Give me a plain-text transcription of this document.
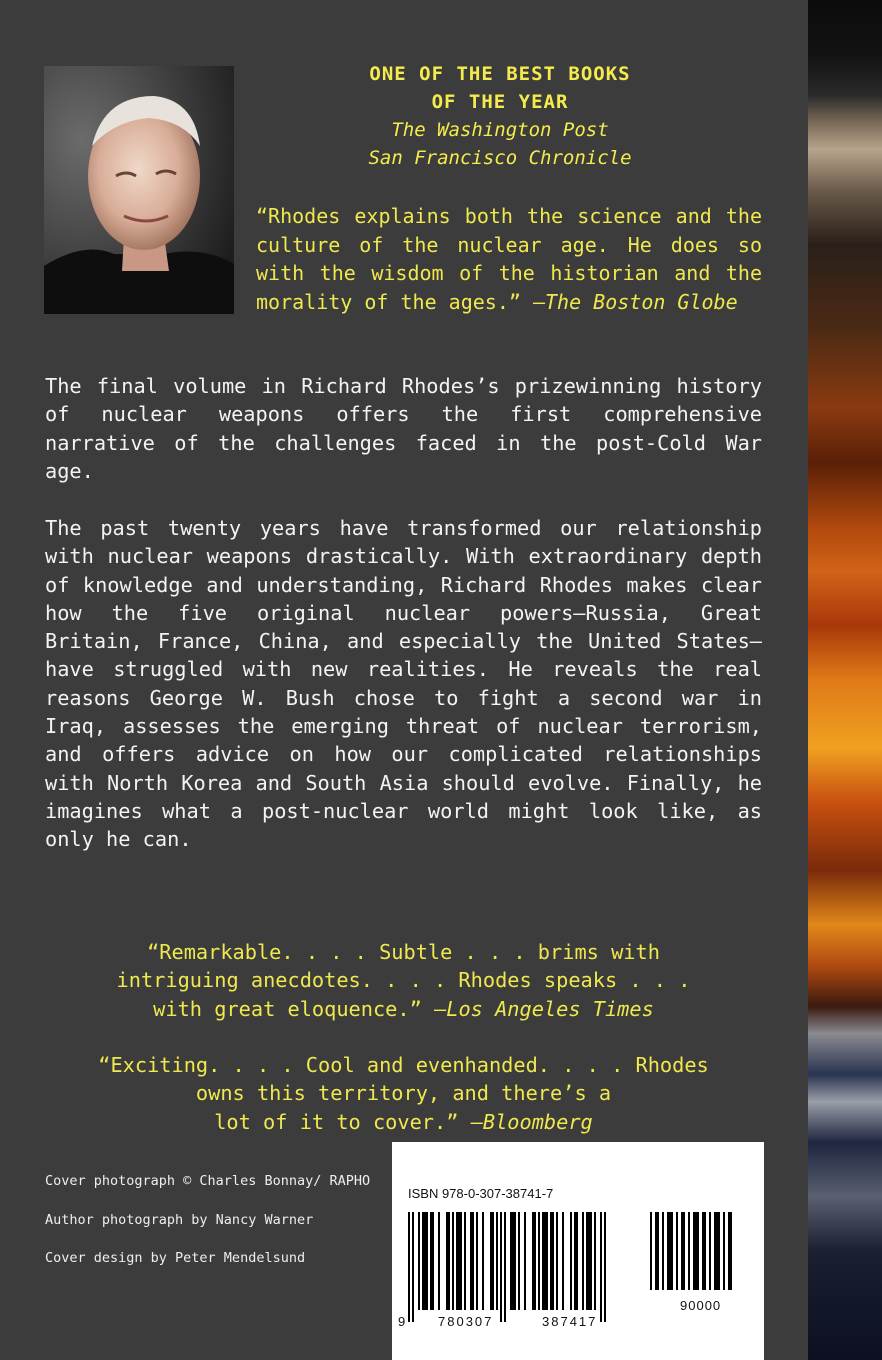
ONE OF THE BEST BOOKS
OF THE YEAR
The Washington Post
San Francisco Chronicle
“Rhodes explains both the science and the culture of the nuclear age. He does so with the wisdom of the historian and the morality of the ages.” —The Boston Globe
The final volume in Richard Rhodes’s prizewinning history of nuclear weapons offers the first comprehensive narrative of the challenges faced in the post-Cold War age.
The past twenty years have transformed our relationship with nuclear weapons drastically. With extraordinary depth of knowledge and understanding, Richard Rhodes makes clear how the five original nuclear powers—Russia, Great Britain, France, China, and especially the United States—have struggled with new realities. He reveals the real reasons George W. Bush chose to fight a second war in Iraq, assesses the emerging threat of nuclear terrorism, and offers advice on how our complicated relationships with North Korea and South Asia should evolve. Finally, he imagines what a post-nuclear world might look like, as only he can.
“Remarkable. . . . Subtle . . . brims with
intriguing anecdotes. . . . Rhodes speaks . . .
with great eloquence.” —Los Angeles Times
“Exciting. . . . Cool and evenhanded. . . . Rhodes
owns this territory, and there’s a
lot of it to cover.” —Bloomberg
Cover photograph © Charles Bonnay/ RAPHO
Author photograph by Nancy Warner
Cover design by Peter Mendelsund
ISBN 978-0-307-38741-7
9	780307	387417
90000
